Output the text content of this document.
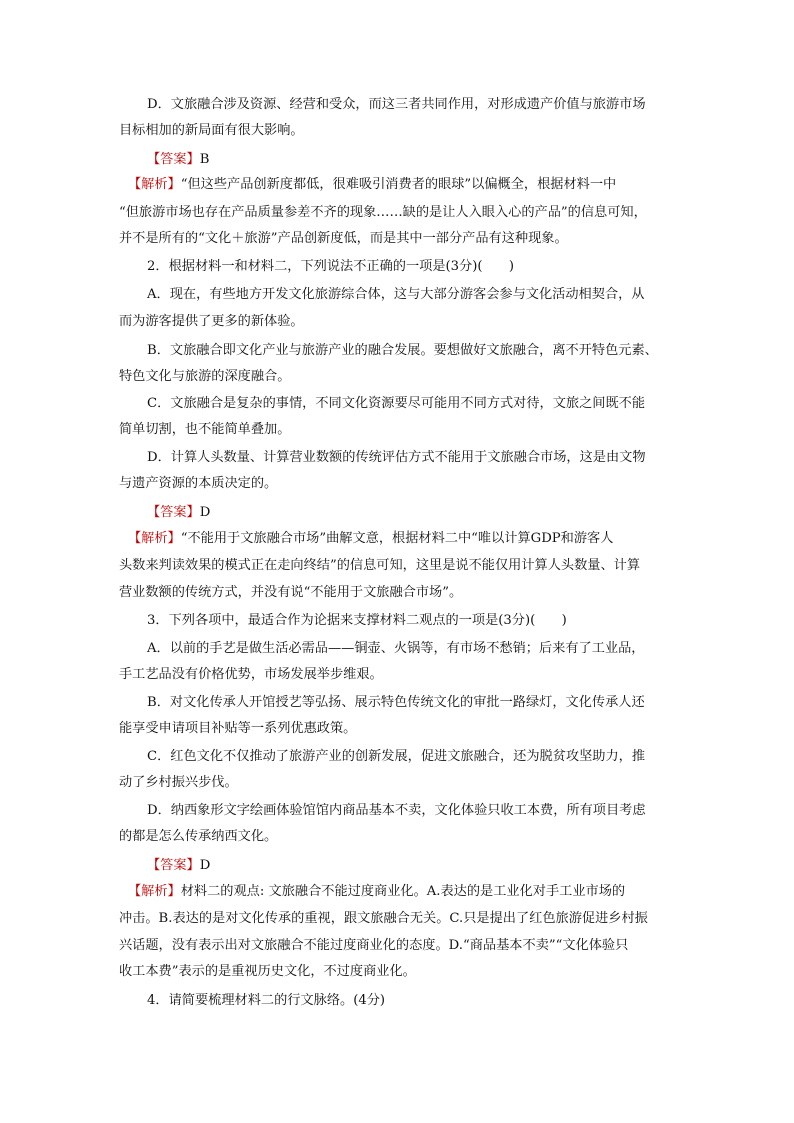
D．文旅融合涉及资源、经营和受众，而这三者共同作用，对形成遗产价值与旅游市场
目标相加的新局面有很大影响。
【答案】B
【解析】“但这些产品创新度都低，很难吸引消费者的眼球”以偏概全，根据材料一中
“但旅游市场也存在产品质量参差不齐的现象……缺的是让人入眼入心的产品”的信息可知，
并不是所有的“文化＋旅游”产品创新度低，而是其中一部分产品有这种现象。
2．根据材料一和材料二，下列说法不正确的一项是(3分)(　　)
A．现在，有些地方开发文化旅游综合体，这与大部分游客会参与文化活动相契合，从
而为游客提供了更多的新体验。
B．文旅融合即文化产业与旅游产业的融合发展。要想做好文旅融合，离不开特色元素、
特色文化与旅游的深度融合。
C．文旅融合是复杂的事情，不同文化资源要尽可能用不同方式对待，文旅之间既不能
简单切割，也不能简单叠加。
D．计算人头数量、计算营业数额的传统评估方式不能用于文旅融合市场，这是由文物
与遗产资源的本质决定的。
【答案】D
【解析】“不能用于文旅融合市场”曲解文意，根据材料二中“唯以计算GDP和游客人
头数来判读效果的模式正在走向终结”的信息可知，这里是说不能仅用计算人头数量、计算
营业数额的传统方式，并没有说“不能用于文旅融合市场”。
3．下列各项中，最适合作为论据来支撑材料二观点的一项是(3分)(　　)
A．以前的手艺是做生活必需品——铜壶、火锅等，有市场不愁销；后来有了工业品，
手工艺品没有价格优势，市场发展举步维艰。
B．对文化传承人开馆授艺等弘扬、展示特色传统文化的审批一路绿灯，文化传承人还
能享受申请项目补贴等一系列优惠政策。
C．红色文化不仅推动了旅游产业的创新发展，促进文旅融合，还为脱贫攻坚助力，推
动了乡村振兴步伐。
D．纳西象形文字绘画体验馆馆内商品基本不卖，文化体验只收工本费，所有项目考虑
的都是怎么传承纳西文化。
【答案】D
【解析】材料二的观点: 文旅融合不能过度商业化。A.表达的是工业化对手工业市场的
冲击。B.表达的是对文化传承的重视，跟文旅融合无关。C.只是提出了红色旅游促进乡村振
兴话题，没有表示出对文旅融合不能过度商业化的态度。D.“商品基本不卖”“文化体验只
收工本费”表示的是重视历史文化，不过度商业化。
4．请简要梳理材料二的行文脉络。(4分)
